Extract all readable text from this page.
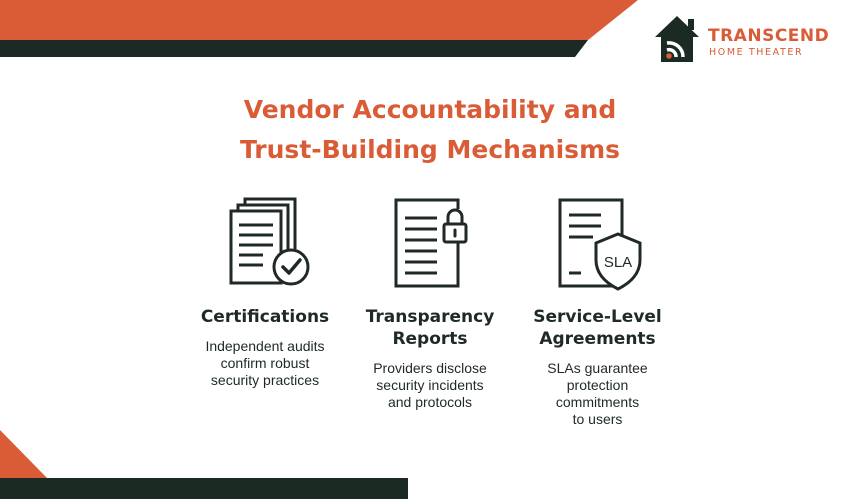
TRANSCEND
HOME THEATER
Vendor Accountability and
Trust-Building Mechanisms
Certifications
Independent audits
confirm robust
security practices
Transparency
Reports
Providers disclose
security incidents
and protocols
SLA
Service-Level
Agreements
SLAs guarantee
protection
commitments
to users
